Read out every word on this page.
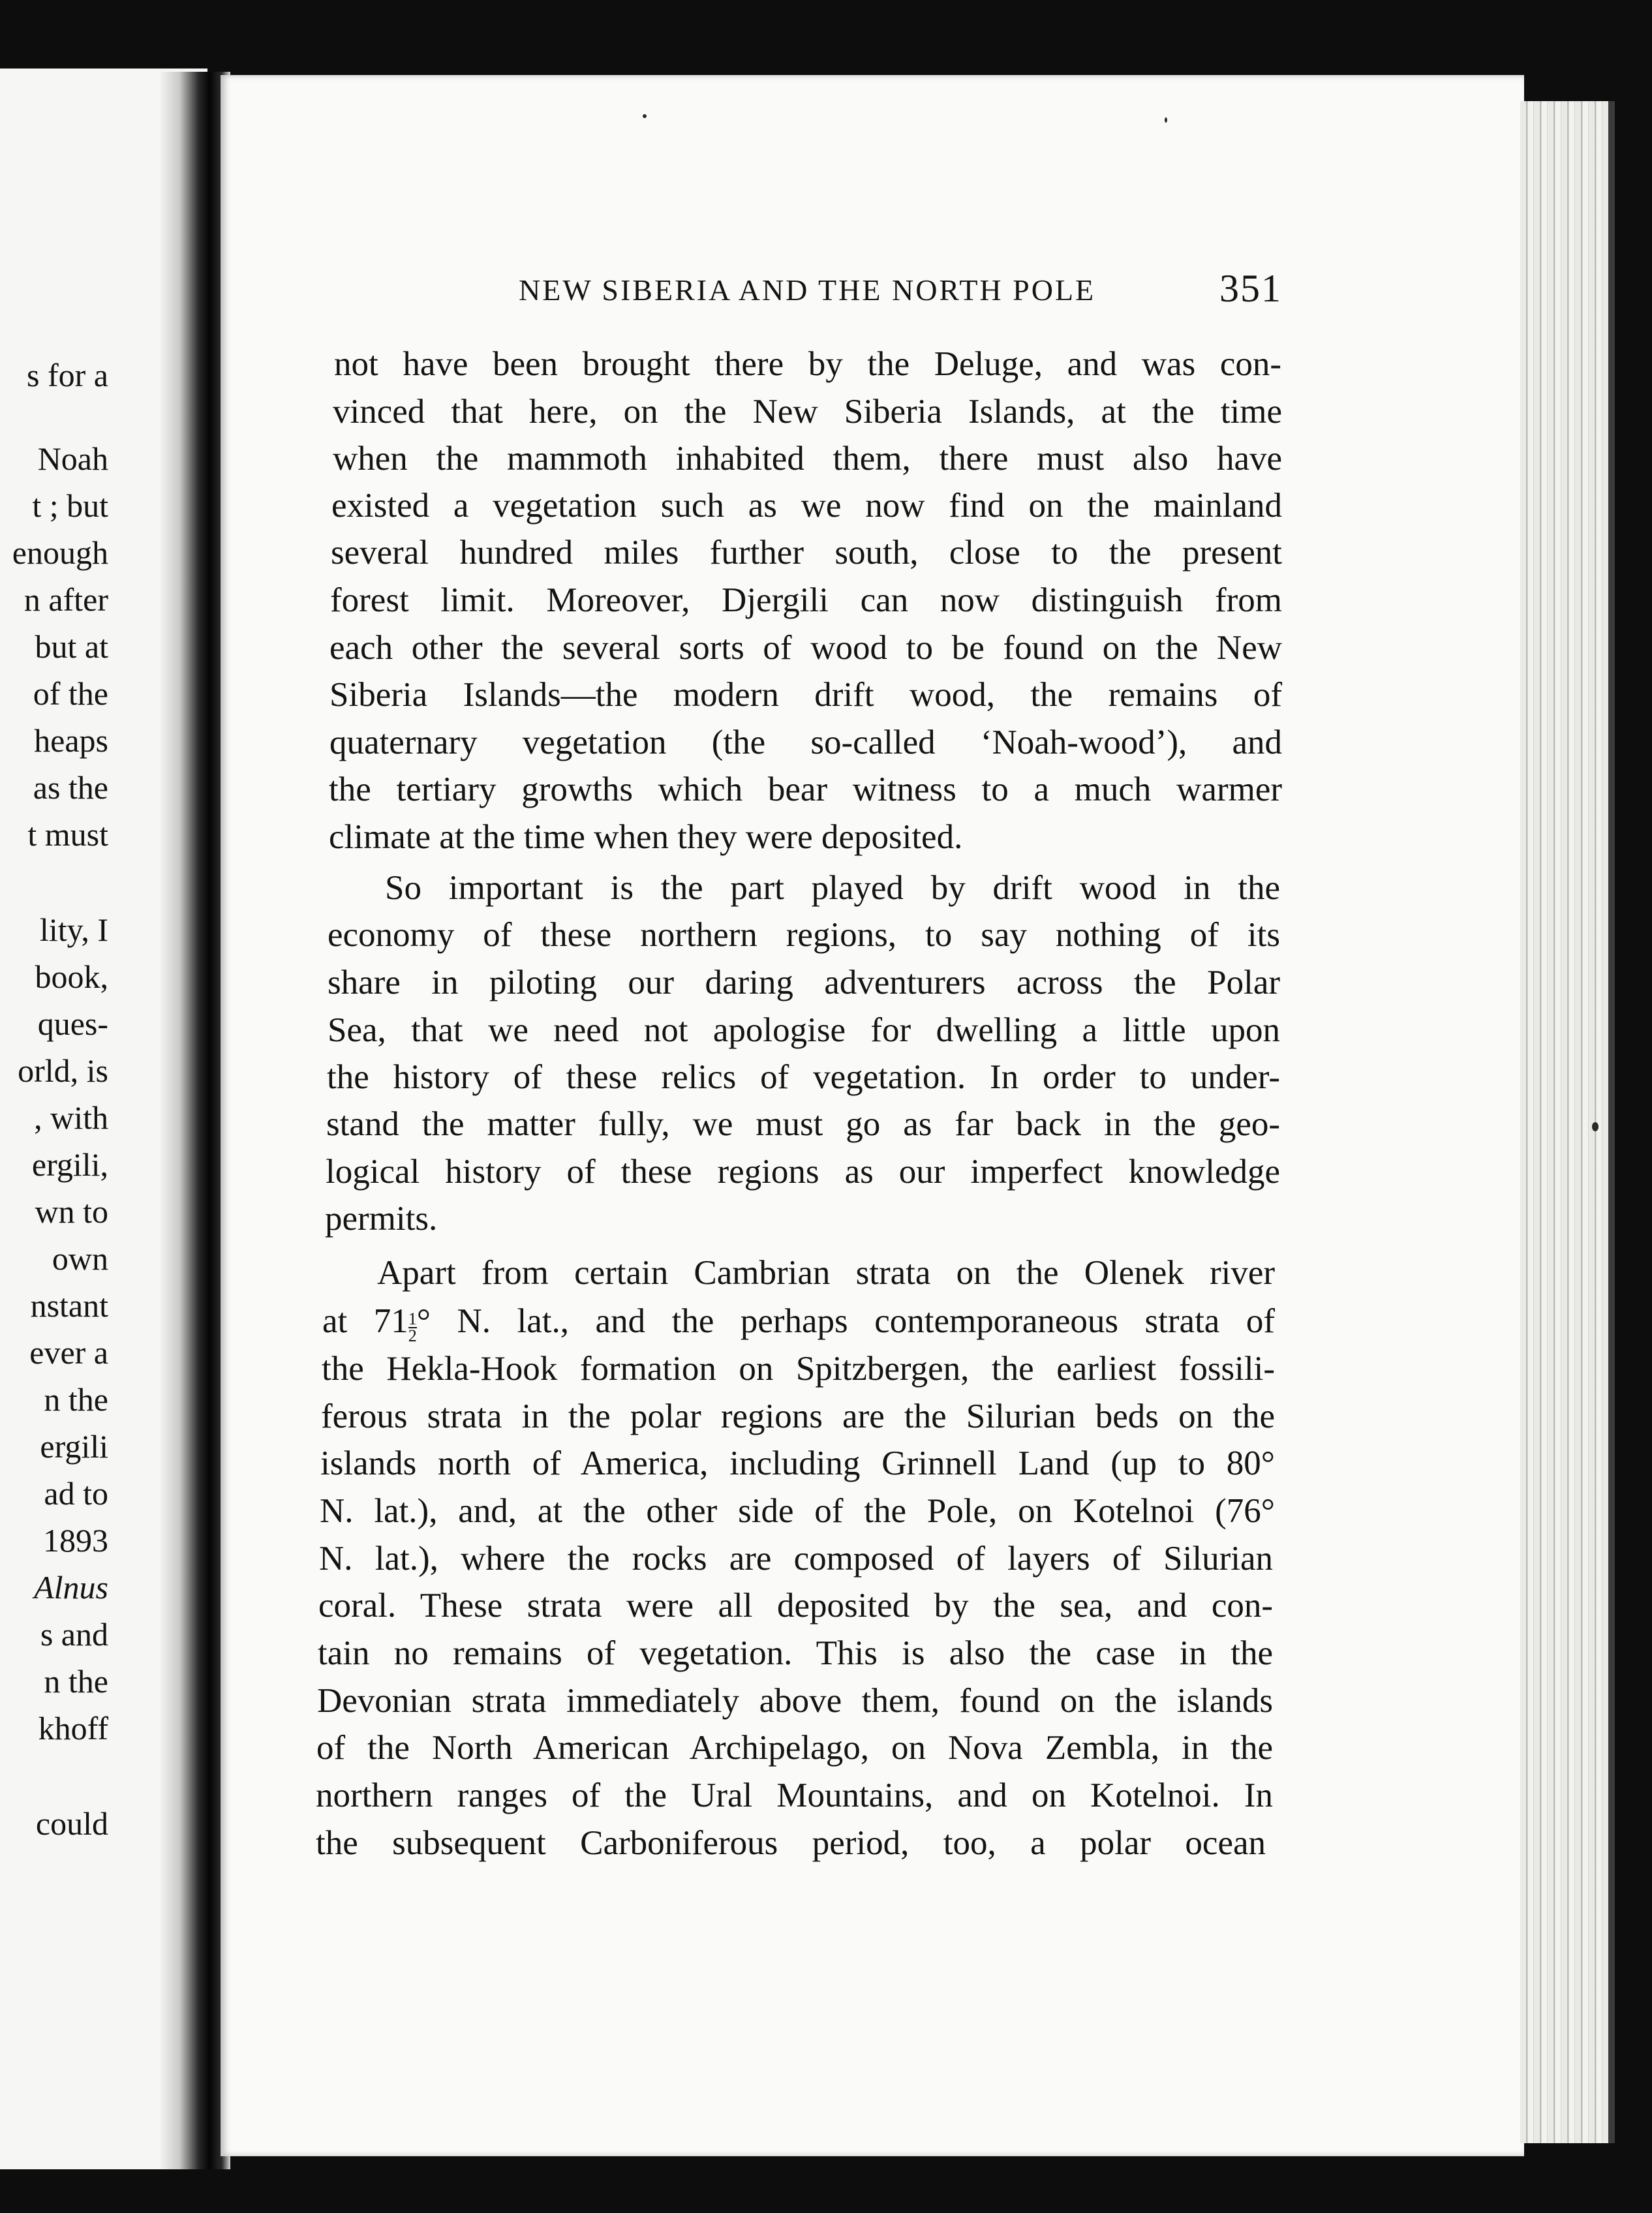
s for a
Noah
t ; but
enough
n after
but at
of the
heaps
as the
t must
lity, I
book,
ques-
orld, is
, with
ergili,
wn to
own
nstant
ever a
n the
ergili
ad to
1893
Alnus
s and
n the
khoff
could
NEW SIBERIA AND THE NORTH POLE	351
not have been brought there by the Deluge, and was con-
vinced that here, on the New Siberia Islands, at the time
when the mammoth inhabited them, there must also have
existed a vegetation such as we now find on the mainland
several hundred miles further south, close to the present
forest limit. Moreover, Djergili can now distinguish from
each other the several sorts of wood to be found on the New
Siberia Islands—the modern drift wood, the remains of
quaternary vegetation (the so-called ‘Noah-wood’), and
the tertiary growths which bear witness to a much warmer
climate at the time when they were deposited.
So important is the part played by drift wood in the
economy of these northern regions, to say nothing of its
share in piloting our daring adventurers across the Polar
Sea, that we need not apologise for dwelling a little upon
the history of these relics of vegetation. In order to under-
stand the matter fully, we must go as far back in the geo-
logical history of these regions as our imperfect knowledge
permits.
Apart from certain Cambrian strata on the Olenek river
at $71 \frac{1}{2}$ ° N. lat., and the perhaps contemporaneous strata of
the Hekla-Hook formation on Spitzbergen, the earliest fossili-
ferous strata in the polar regions are the Silurian beds on the
islands north of America, including Grinnell Land (up to 80°
N. lat.), and, at the other side of the Pole, on Kotelnoi (76°
N. lat.), where the rocks are composed of layers of Silurian
coral. These strata were all deposited by the sea, and con-
tain no remains of vegetation. This is also the case in the
Devonian strata immediately above them, found on the islands
of the North American Archipelago, on Nova Zembla, in the
northern ranges of the Ural Mountains, and on Kotelnoi. In
the subsequent Carboniferous period, too, a polar ocean
